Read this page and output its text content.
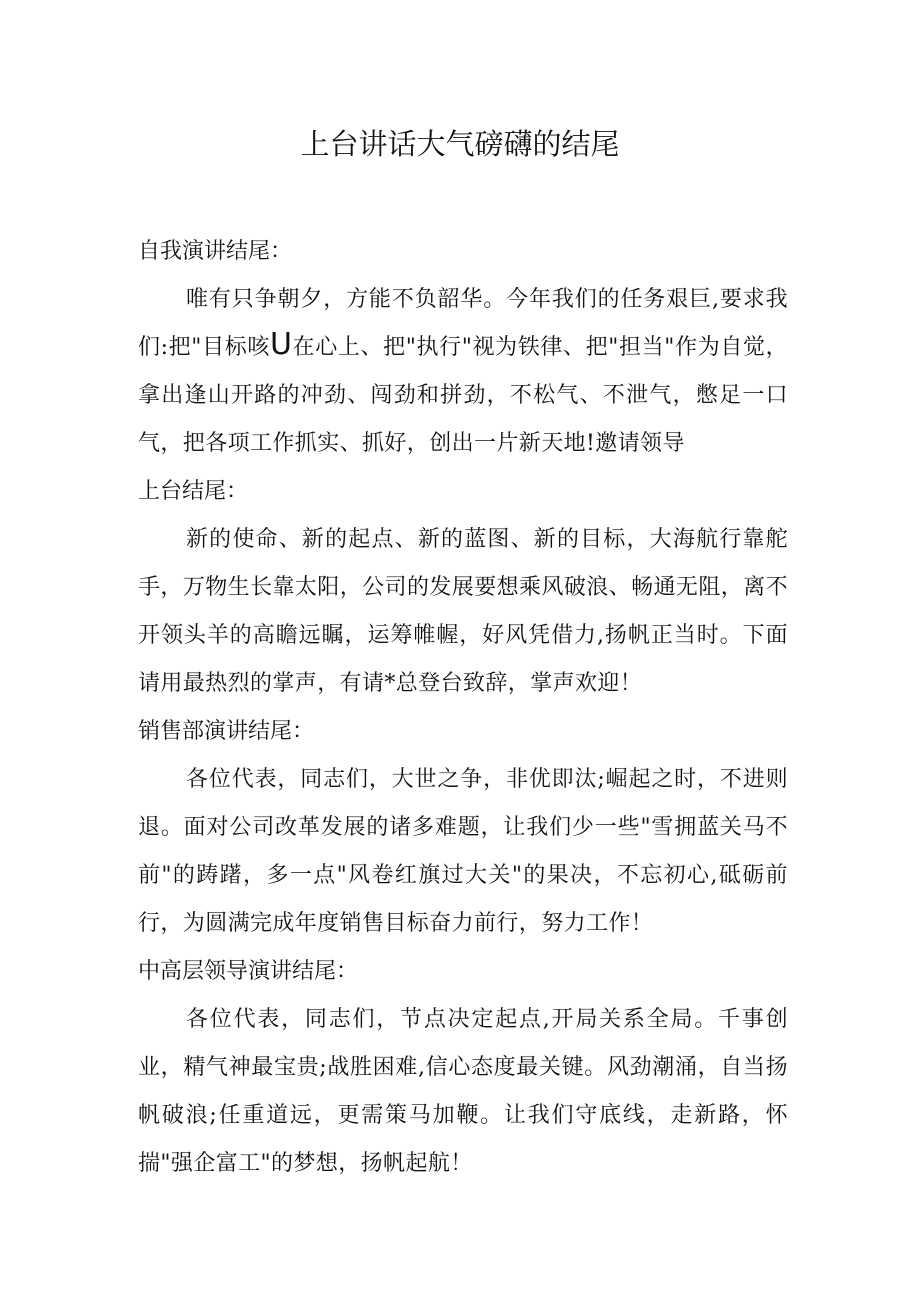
上台讲话大气磅礴的结尾

自我演讲结尾：

唯有只争朝夕，方能不负韶华。今年我们的任务艰巨,要求我们:把"目标咳U在心上、把"执行"视为铁律、把"担当"作为自觉，拿出逢山开路的冲劲、闯劲和拼劲，不松气、不泄气，憋足一口气，把各项工作抓实、抓好，创出一片新天地!邀请领导

上台结尾：

新的使命、新的起点、新的蓝图、新的目标，大海航行靠舵手，万物生长靠太阳，公司的发展要想乘风破浪、畅通无阻，离不开领头羊的高瞻远瞩，运筹帷幄，好风凭借力,扬帆正当时。下面请用最热烈的掌声，有请*总登台致辞，掌声欢迎！

销售部演讲结尾：

各位代表，同志们，大世之争，非优即汰;崛起之时，不进则退。面对公司改革发展的诸多难题，让我们少一些"雪拥蓝关马不前"的踌躇，多一点"风卷红旗过大关"的果决，不忘初心,砥砺前行，为圆满完成年度销售目标奋力前行，努力工作！

中高层领导演讲结尾：

各位代表，同志们，节点决定起点,开局关系全局。千事创业，精气神最宝贵;战胜困难,信心态度最关键。风劲潮涌，自当扬帆破浪;任重道远，更需策马加鞭。让我们守底线，走新路，怀揣"强企富工"的梦想，扬帆起航！
